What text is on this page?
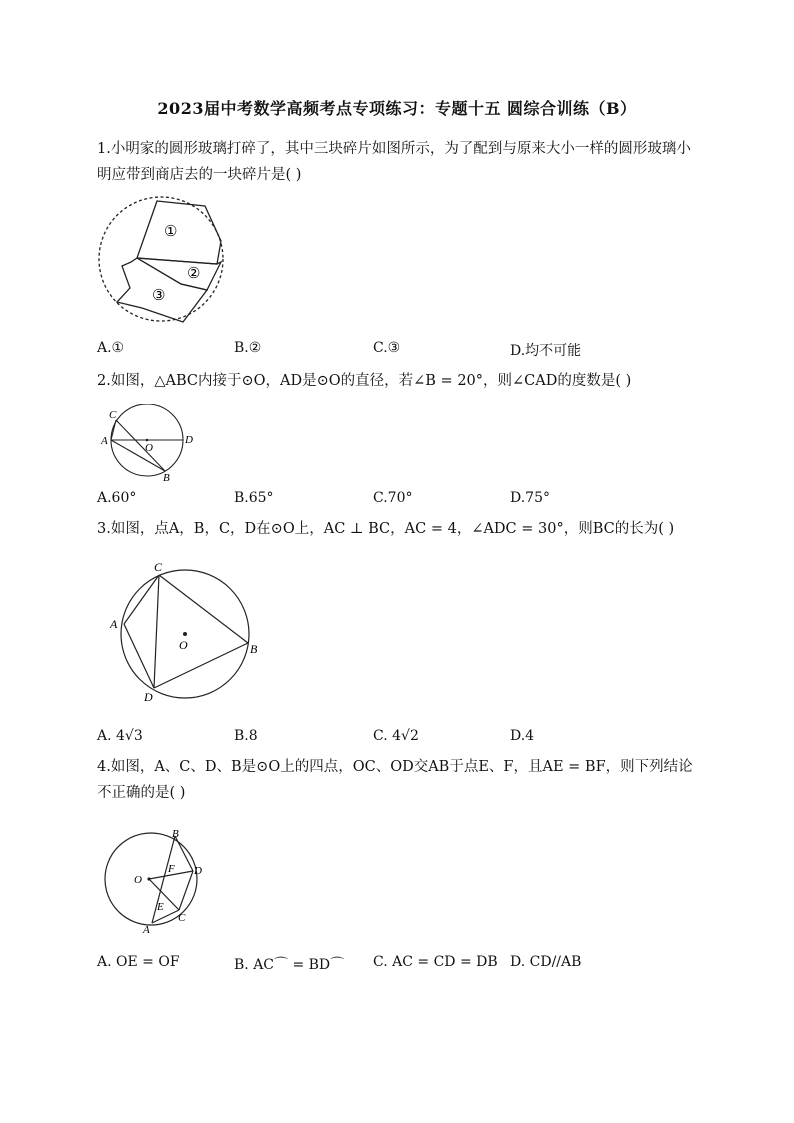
2023届中考数学高频考点专项练习：专题十五 圆综合训练（B）
1.小明家的圆形玻璃打碎了，其中三块碎片如图所示，为了配到与原来大小一样的圆形玻璃小明应带到商店去的一块碎片是( )
①
②
③
A.①	B.②	C.③	D.均不可能
2.如图，△ABC内接于⊙O，AD是⊙O的直径，若∠B = 20°，则∠CAD的度数是( )
C
A
O
D
B
A.60°	B.65°	C.70°	D.75°
3.如图，点A，B，C，D在⊙O上，AC ⊥ BC，AC = 4，∠ADC = 30°，则BC的长为( )
C
A
O	B
D
A. 4√3	B.8	C. 4√2	D.4
4.如图，A、C、D、B是⊙O上的四点，OC、OD交AB于点E、F，且AE = BF，则下列结论不正确的是( )
B
F D
O
E
C
A
A. OE = OF	B. AC⌒ = BD⌒ C. AC = CD = DB D. CD//AB
